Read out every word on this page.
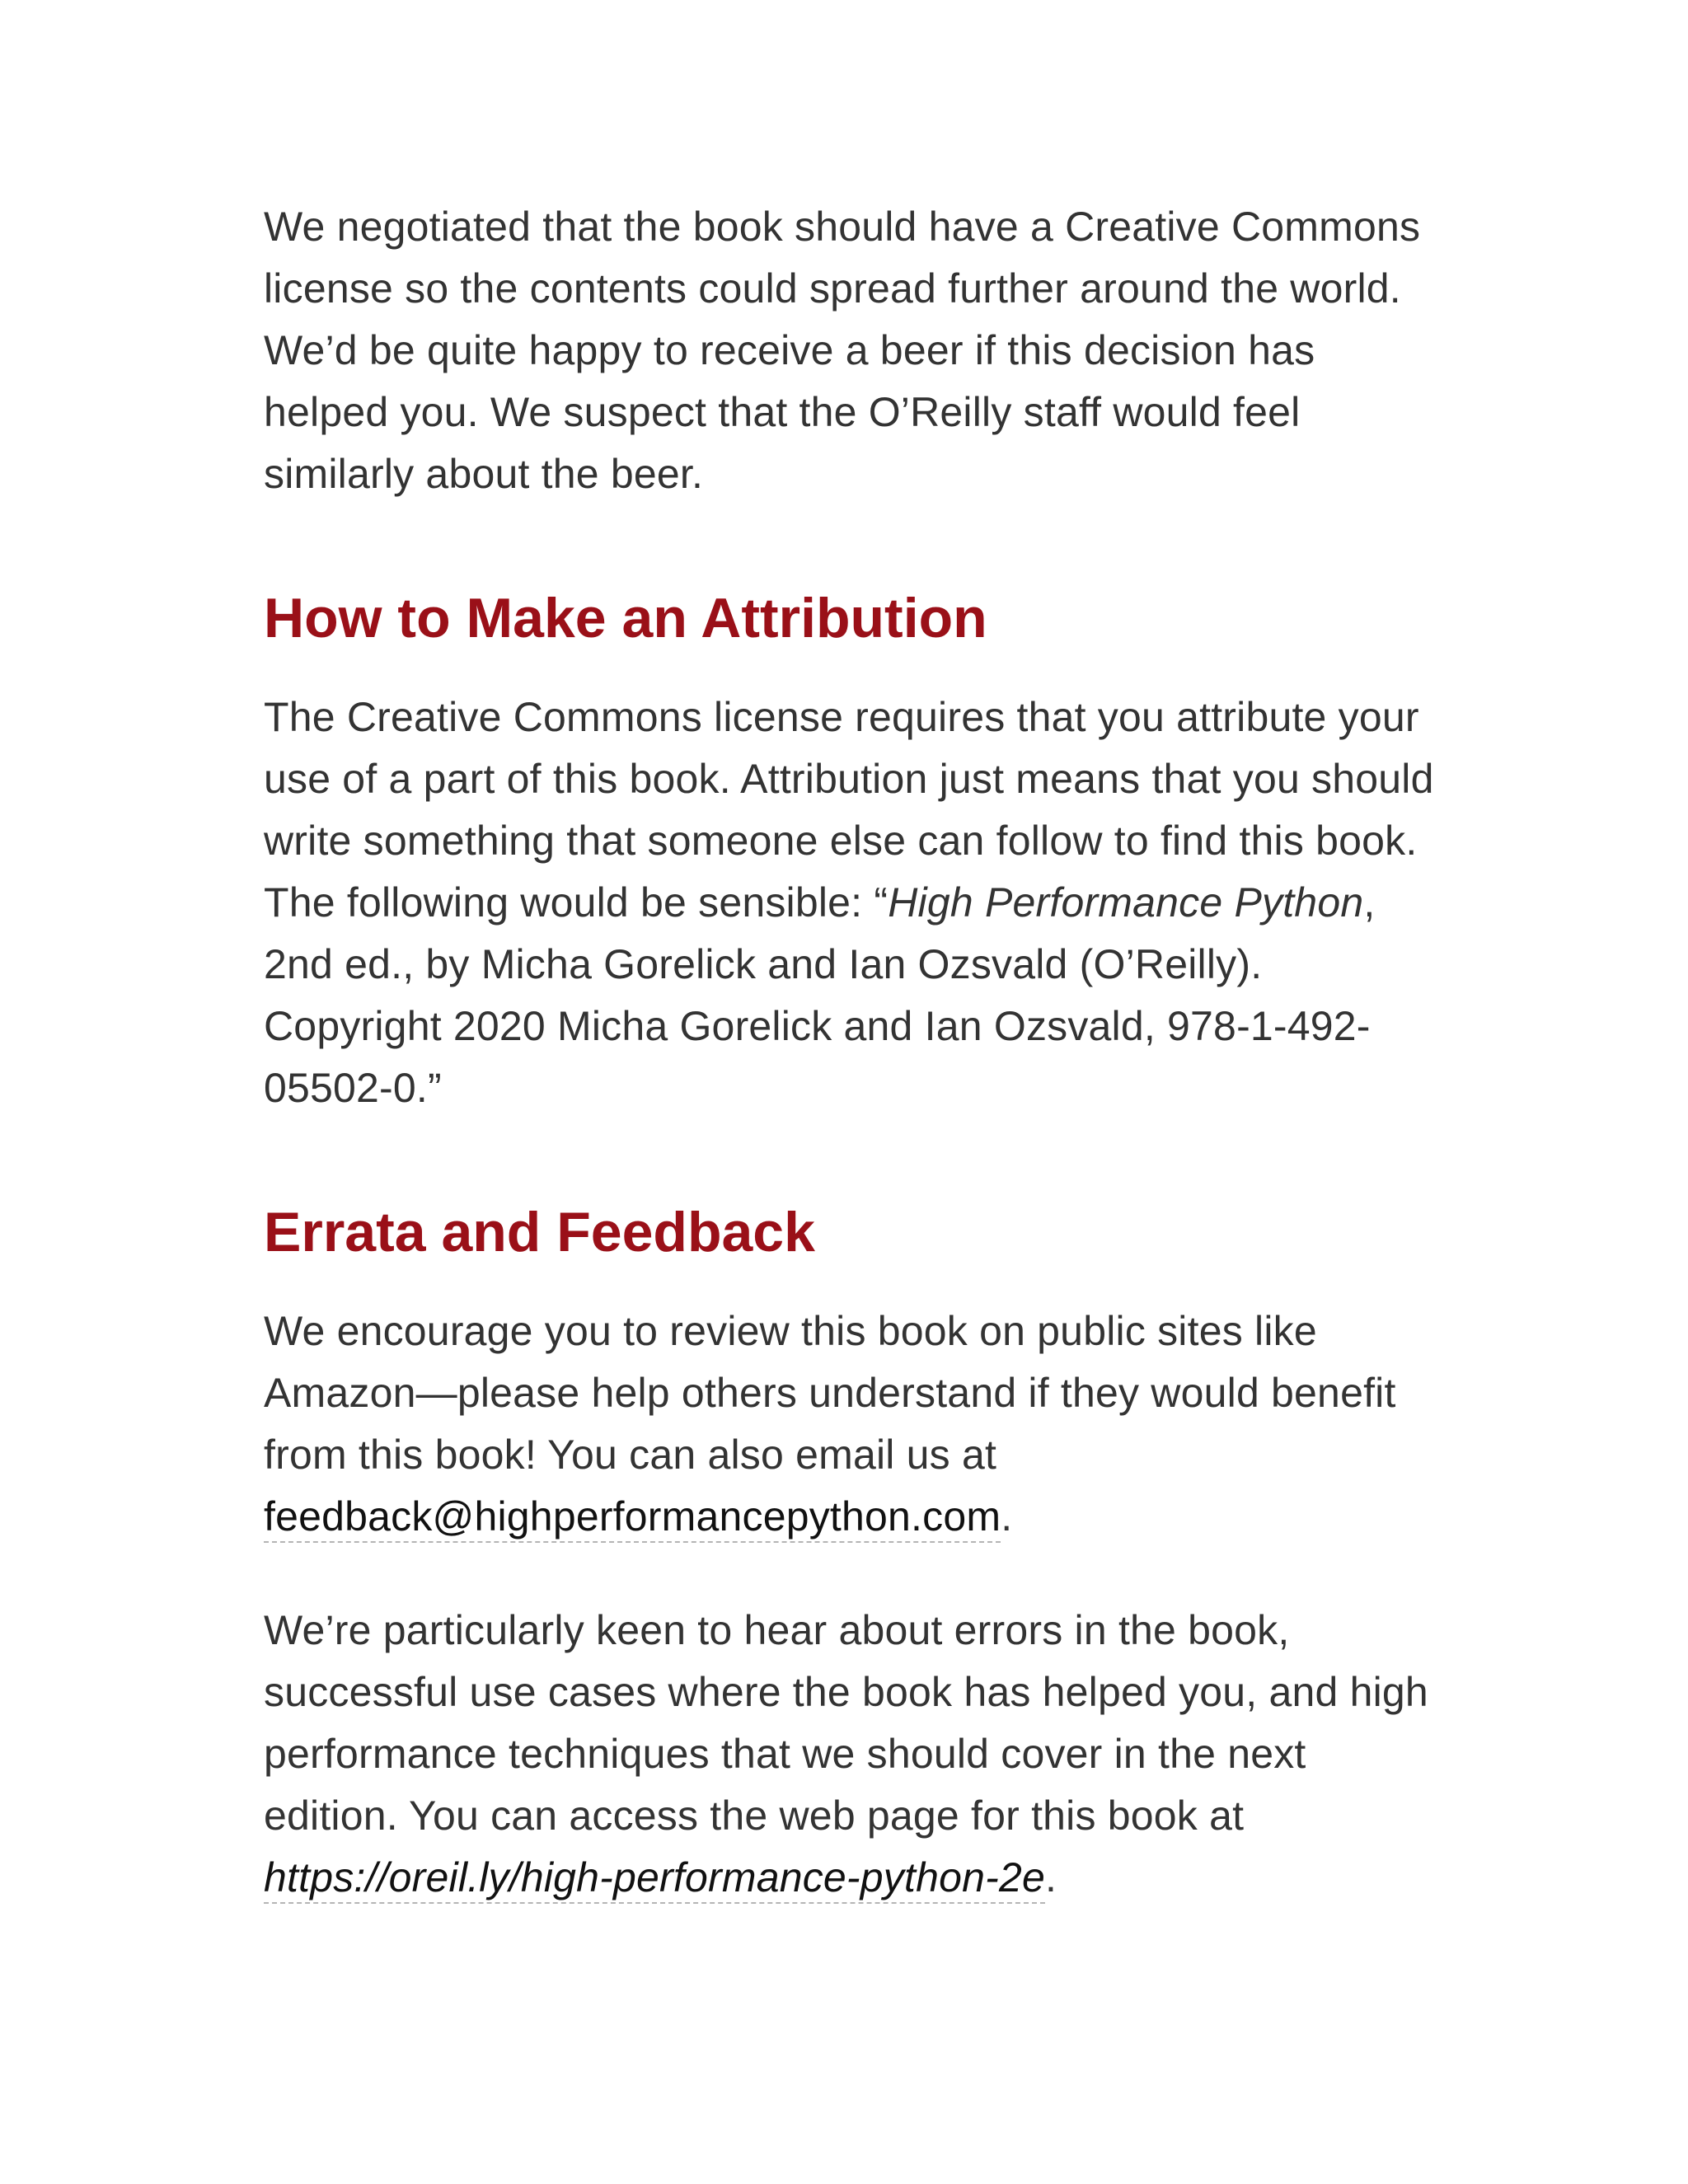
We negotiated that the book should have a Creative Commons license so the contents could spread further around the world. We’d be quite happy to receive a beer if this decision has helped you. We suspect that the O’Reilly staff would feel similarly about the beer.

How to Make an Attribution

The Creative Commons license requires that you attribute your use of a part of this book. Attribution just means that you should write something that someone else can follow to find this book. The following would be sensible: “High Performance Python, 2nd ed., by Micha Gorelick and Ian Ozsvald (O’Reilly). Copyright 2020 Micha Gorelick and Ian Ozsvald, 978-1-492-05502-0.”

Errata and Feedback

We encourage you to review this book on public sites like Amazon—please help others understand if they would benefit from this book! You can also email us at feedback@highperformancepython.com.

We’re particularly keen to hear about errors in the book, successful use cases where the book has helped you, and high performance techniques that we should cover in the next edition. You can access the web page for this book at https://oreil.ly/high-performance-python-2e.
